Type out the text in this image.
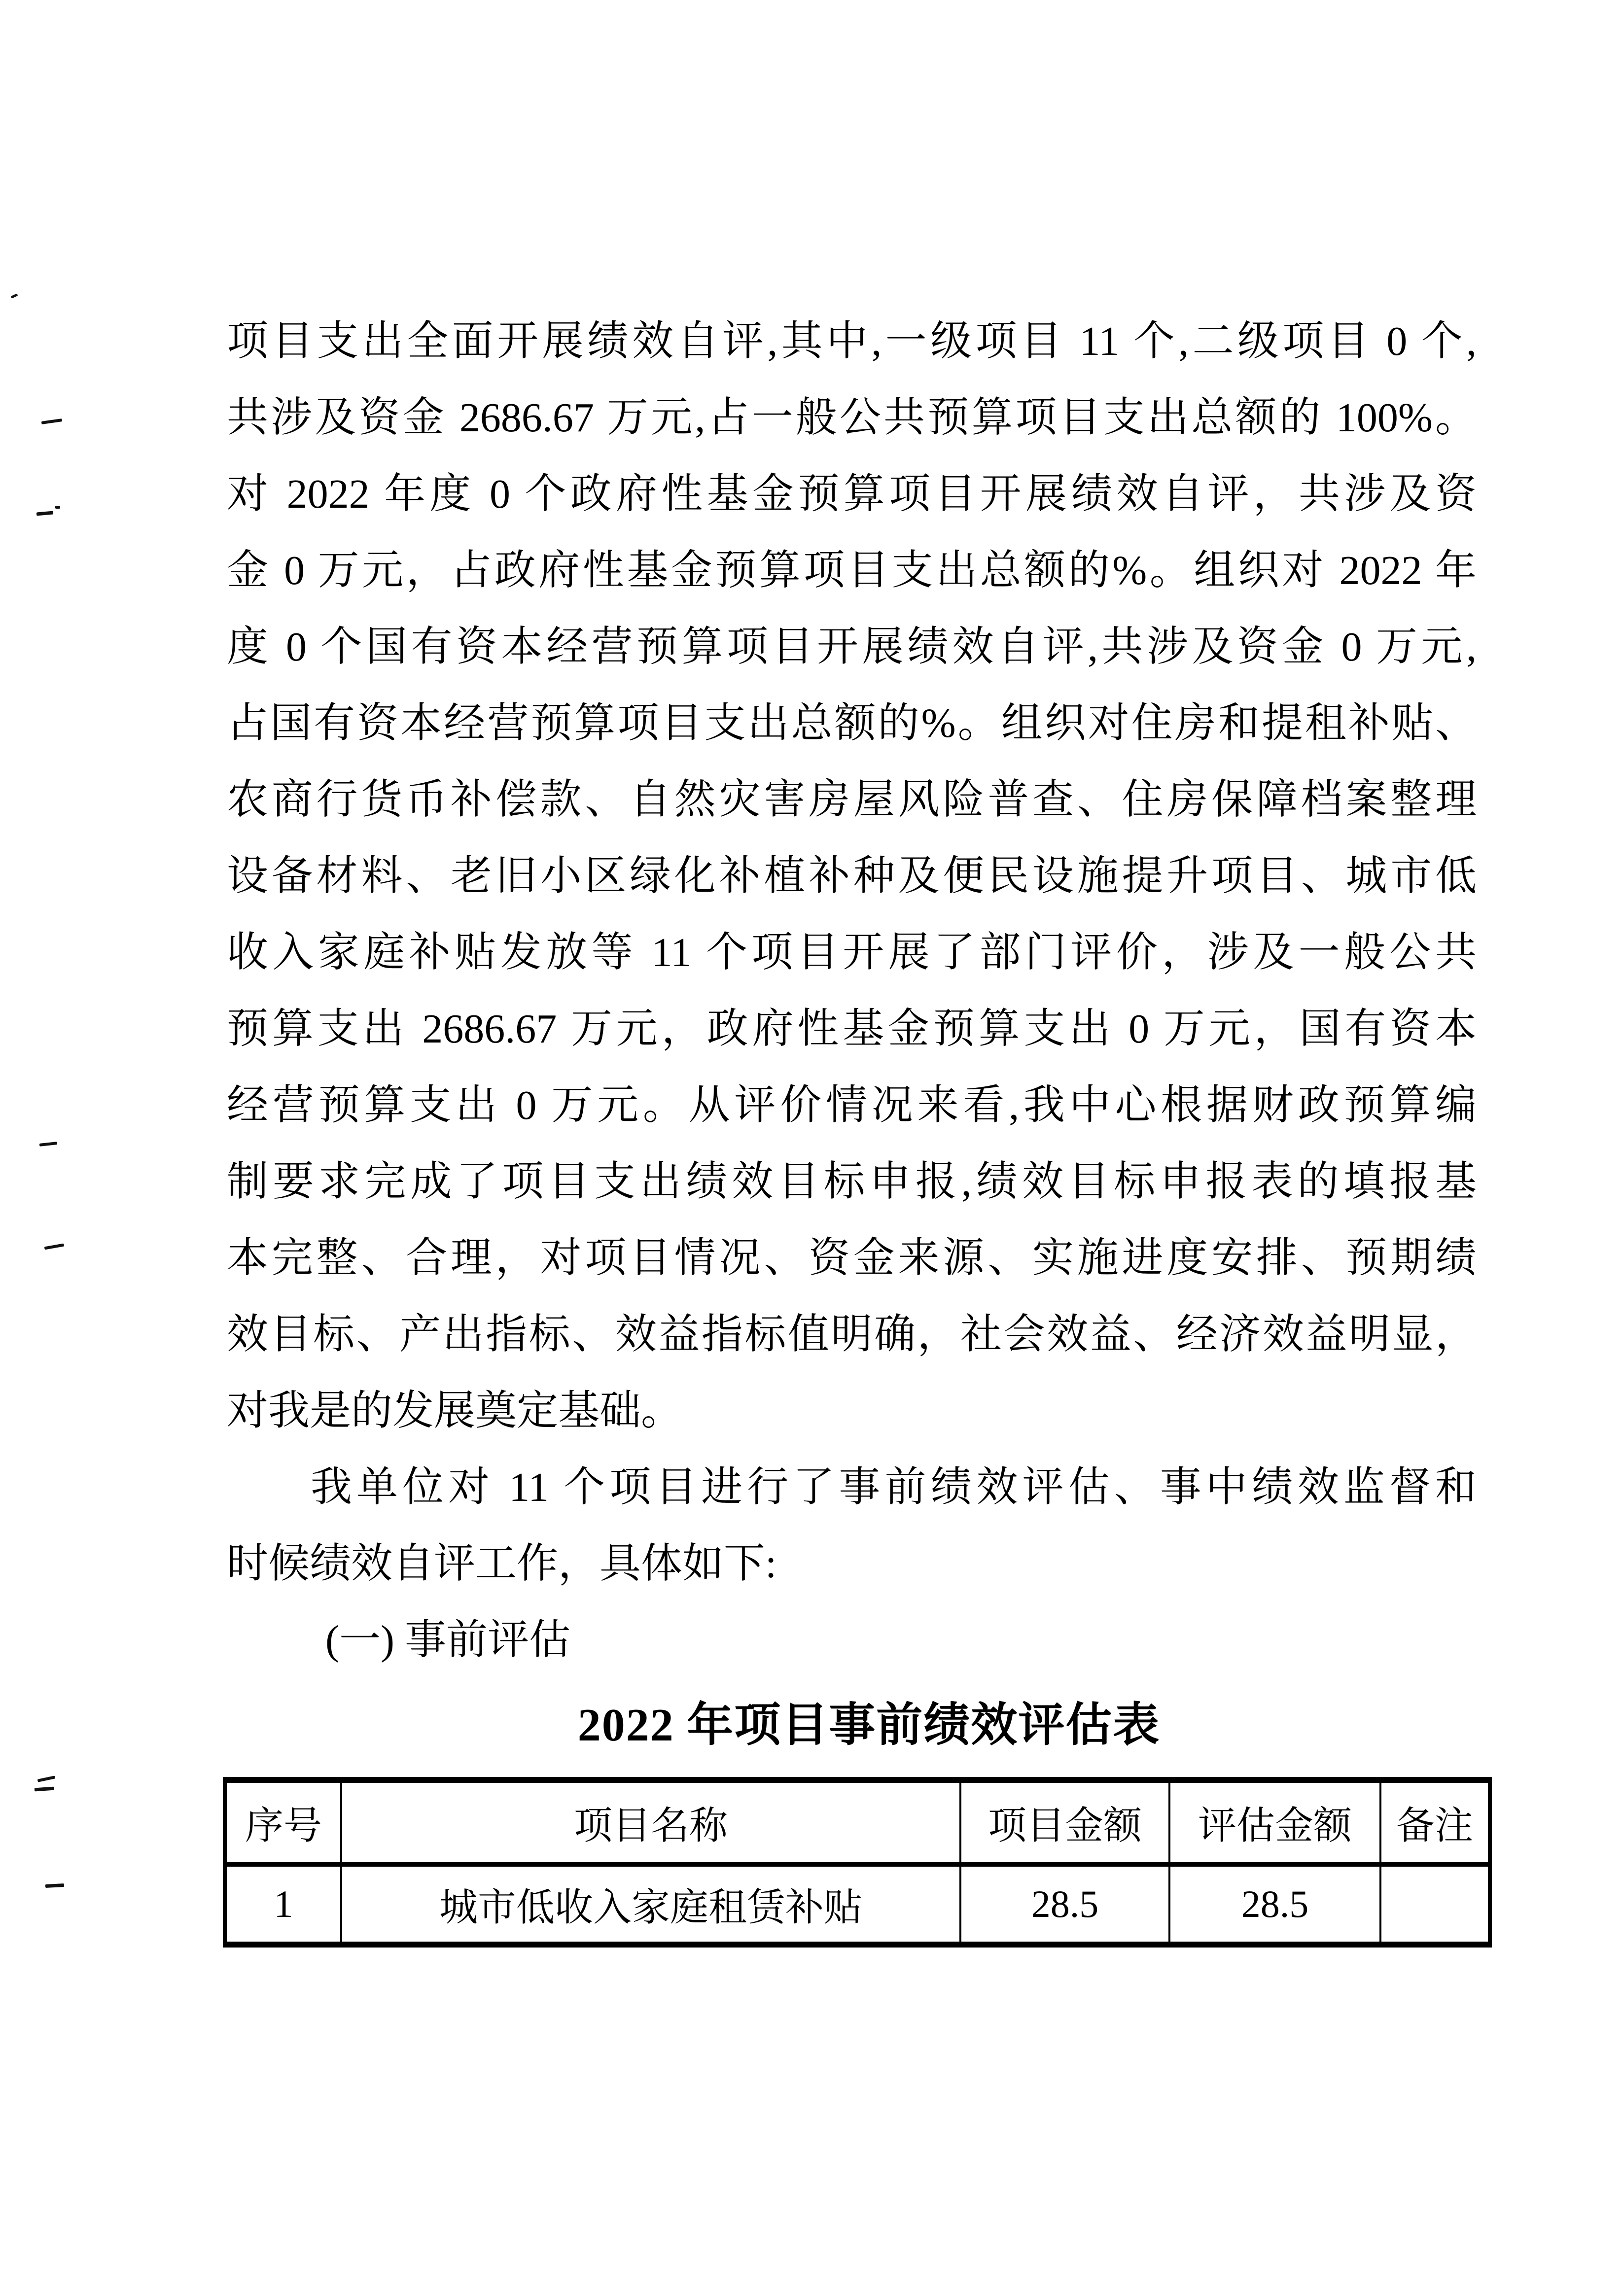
项目支出全面开展绩效自评,其中,一级项目 11 个,二级项目 0 个,
共涉及资金 2686.67 万元,占一般公共预算项目支出总额的 100%。
对 2022 年度 0 个政府性基金预算项目开展绩效自评，共涉及资
金 0 万元，占政府性基金预算项目支出总额的%。组织对 2022 年
度 0 个国有资本经营预算项目开展绩效自评,共涉及资金 0 万元,
占国有资本经营预算项目支出总额的%。组织对住房和提租补贴、
农商行货币补偿款、自然灾害房屋风险普查、住房保障档案整理
设备材料、老旧小区绿化补植补种及便民设施提升项目、城市低
收入家庭补贴发放等 11 个项目开展了部门评价，涉及一般公共
预算支出 2686.67 万元，政府性基金预算支出 0 万元，国有资本
经营预算支出 0 万元。从评价情况来看,我中心根据财政预算编
制要求完成了项目支出绩效目标申报,绩效目标申报表的填报基
本完整、合理，对项目情况、资金来源、实施进度安排、预期绩
效目标、产出指标、效益指标值明确，社会效益、经济效益明显，
对我是的发展奠定基础。
我单位对 11 个项目进行了事前绩效评估、事中绩效监督和
时候绩效自评工作，具体如下:
(一) 事前评估
2022 年项目事前绩效评估表
序号	项目名称	项目金额	评估金额	备注
1	城市低收入家庭租赁补贴	28.5	28.5	
